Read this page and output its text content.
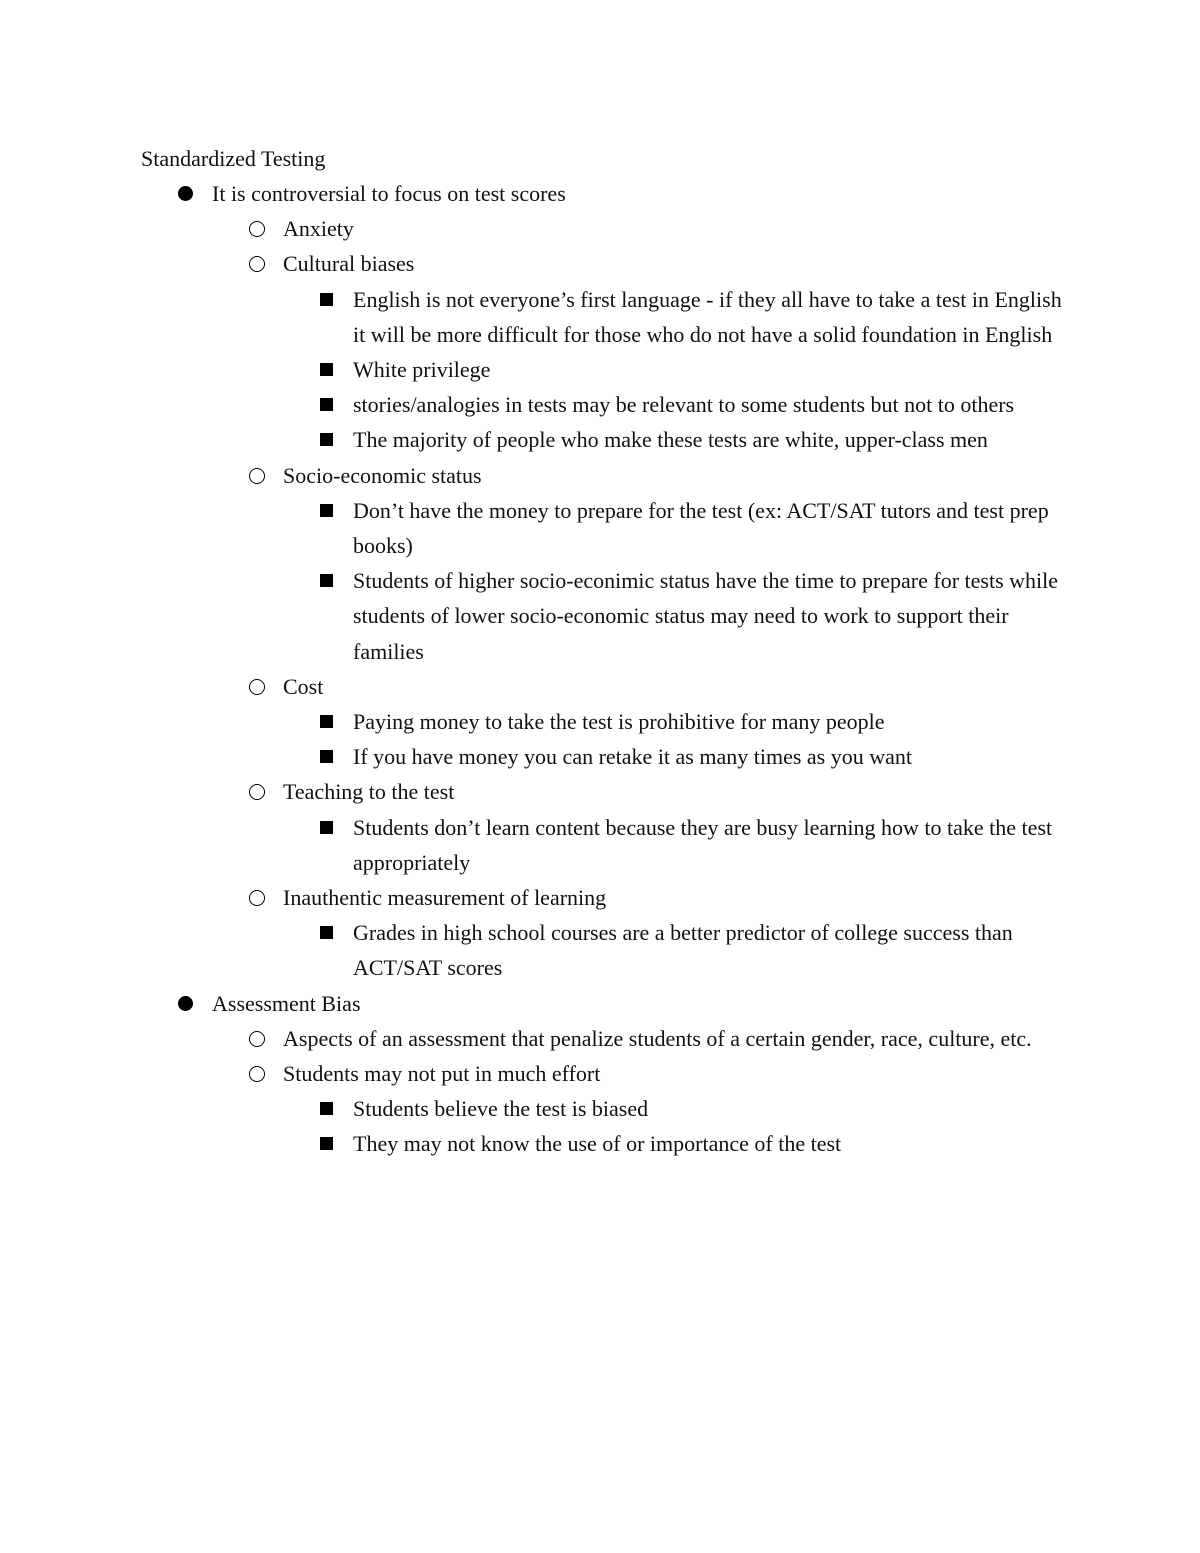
Standardized Testing
It is controversial to focus on test scores
Anxiety
Cultural biases
English is not everyone’s first language - if they all have to take a test in English it will be more difficult for those who do not have a solid foundation in English
White privilege
stories/analogies in tests may be relevant to some students but not to others
The majority of people who make these tests are white, upper-class men
Socio-economic status
Don’t have the money to prepare for the test (ex: ACT/SAT tutors and test prep books)
Students of higher socio-econimic status have the time to prepare for tests while students of lower socio-economic status may need to work to support their families
Cost
Paying money to take the test is prohibitive for many people
If you have money you can retake it as many times as you want
Teaching to the test
Students don’t learn content because they are busy learning how to take the test appropriately
Inauthentic measurement of learning
Grades in high school courses are a better predictor of college success than ACT/SAT scores
Assessment Bias
Aspects of an assessment that penalize students of a certain gender, race, culture, etc.
Students may not put in much effort
Students believe the test is biased
They may not know the use of or importance of the test
